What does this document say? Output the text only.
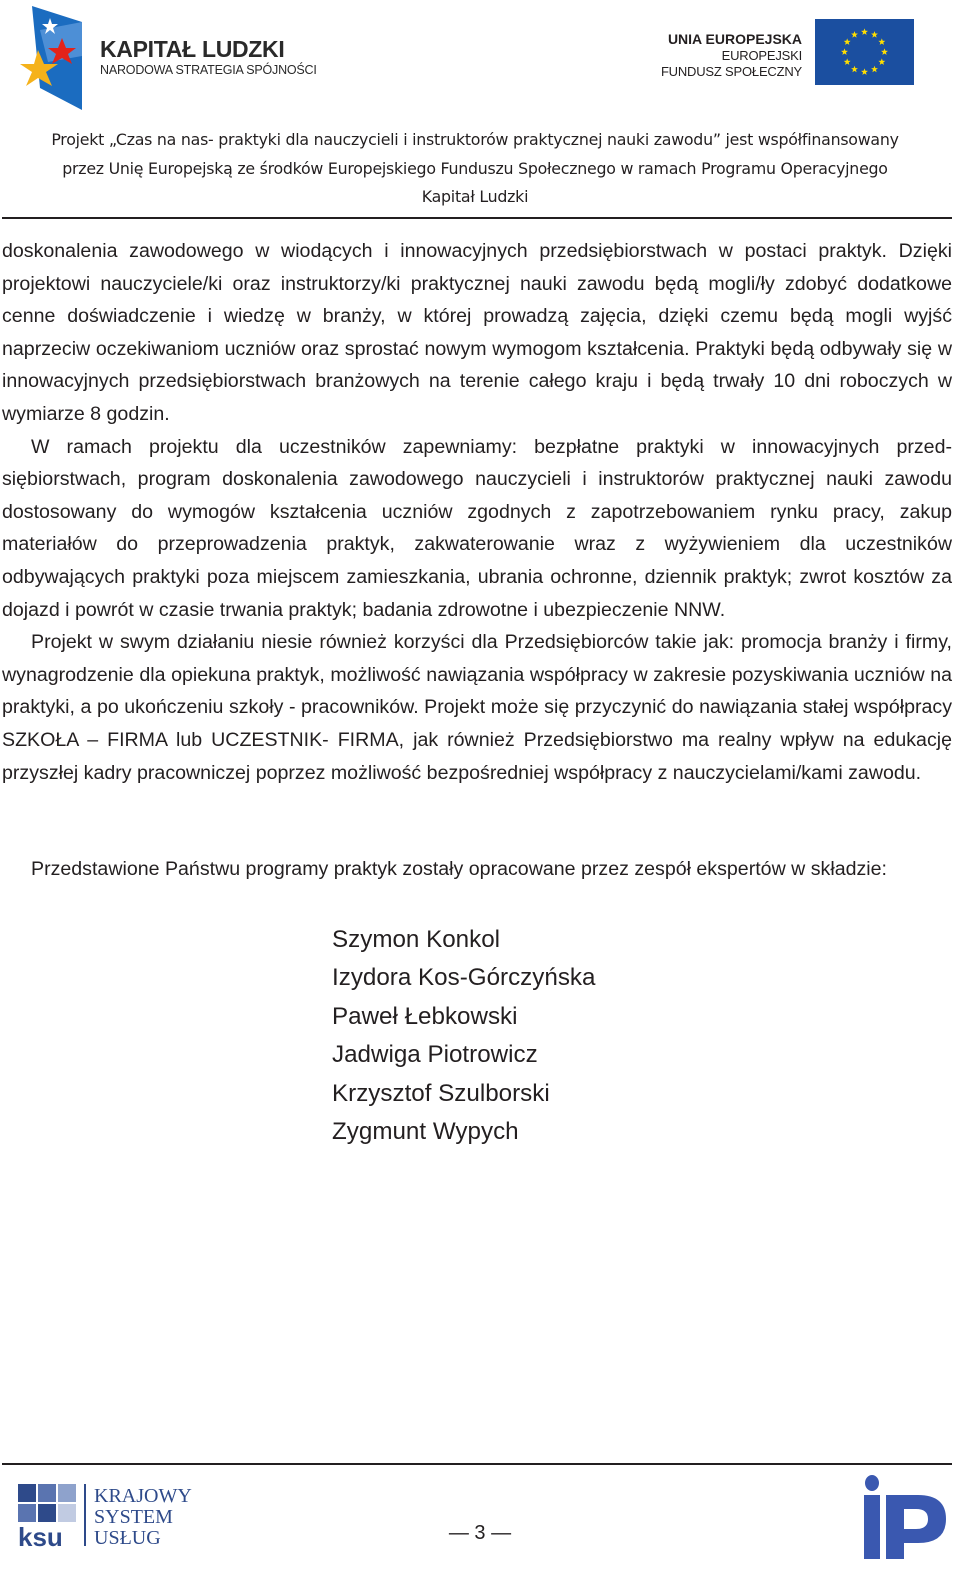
KAPITAŁ LUDZKI
NARODOWA STRATEGIA SPÓJNOŚCI
UNIA EUROPEJSKA
EUROPEJSKI
FUNDUSZ SPOŁECZNY
Projekt „Czas na nas- praktyki dla nauczycieli i instruktorów praktycznej nauki zawodu” jest współfinansowany
przez Unię Europejską ze środków Europejskiego Funduszu Społecznego w ramach Programu Operacyjnego
Kapitał Ludzki

doskonalenia zawodowego w wiodących i innowacyjnych przedsiębiorstwach w postaci praktyk. Dzięki projektowi nauczyciele/ki oraz instruktorzy/ki praktycznej nauki zawodu będą mogli/ły zdobyć dodatkowe cenne doświadczenie i wiedzę w branży, w której prowadzą zajęcia, dzięki czemu będą mogli wyjść naprzeciw oczekiwaniom uczniów oraz sprostać nowym wymogom kształcenia. Praktyki będą odbywały się w innowacyjnych przedsiębiorstwach branżowych na terenie całego kraju i będą trwały 10 dni roboczych w wymiarze 8 godzin.

W ramach projektu dla uczestników zapewniamy: bezpłatne praktyki w innowacyjnych przedsiębiorstwach, program doskonalenia zawodowego nauczycieli i instruktorów praktycznej nauki zawodu dostosowany do wymogów kształcenia uczniów zgodnych z zapotrzebowaniem rynku pracy, zakup materiałów do przeprowadzenia praktyk, zakwaterowanie wraz z wyżywieniem dla uczestników odbywających praktyki poza miejscem zamieszkania, ubrania ochronne, dziennik praktyk; zwrot kosztów za dojazd i powrót w czasie trwania praktyk; badania zdrowotne i ubezpieczenie NNW.

Projekt w swym działaniu niesie również korzyści dla Przedsiębiorców takie jak: promocja branży i firmy, wynagrodzenie dla opiekuna praktyk, możliwość nawiązania współpracy w zakresie pozyskiwania uczniów na praktyki, a po ukończeniu szkoły - pracowników. Projekt może się przyczynić do nawiązania stałej współpracy SZKOŁA – FIRMA lub UCZESTNIK- FIRMA, jak również Przedsiębiorstwo ma realny wpływ na edukację przyszłej kadry pracowniczej poprzez możliwość bezpośredniej współpracy z nauczycielami/kami zawodu.

Przedstawione Państwu programy praktyk zostały opracowane przez zespół ekspertów w składzie:
Szymon Konkol
Izydora Kos-Górczyńska
Paweł Łebkowski
Jadwiga Piotrowicz
Krzysztof Szulborski
Zygmunt Wypych
ksu
KRAJOWY
SYSTEM
USŁUG	— 3 —
